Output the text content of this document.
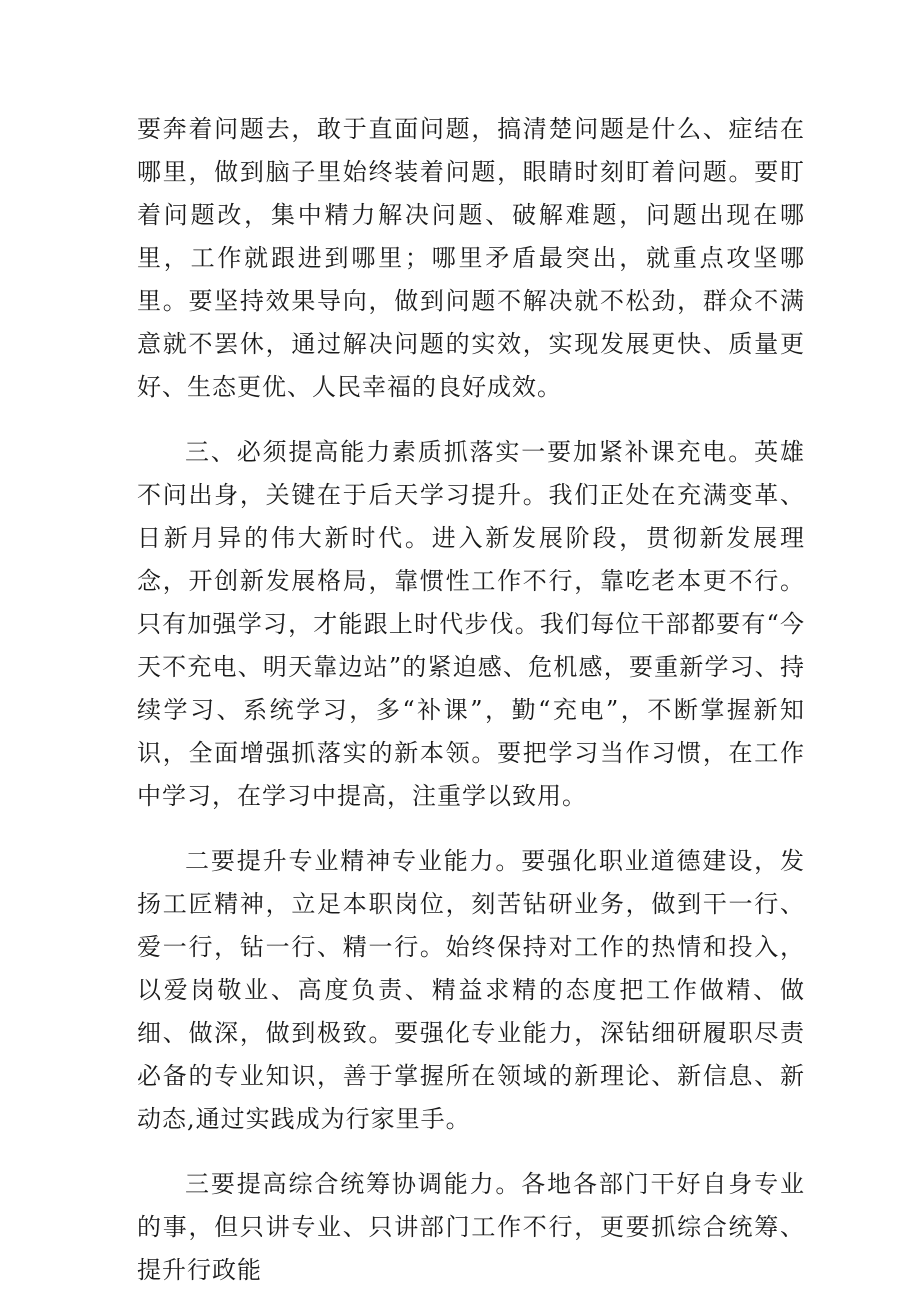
要奔着问题去，敢于直面问题，搞清楚问题是什么、症结在哪里，做到脑子里始终装着问题，眼睛时刻盯着问题。要盯着问题改，集中精力解决问题、破解难题，问题出现在哪里，工作就跟进到哪里；哪里矛盾最突出，就重点攻坚哪里。要坚持效果导向，做到问题不解决就不松劲，群众不满意就不罢休，通过解决问题的实效，实现发展更快、质量更好、生态更优、人民幸福的良好成效。

三、必须提高能力素质抓落实一要加紧补课充电。英雄不问出身，关键在于后天学习提升。我们正处在充满变革、日新月异的伟大新时代。进入新发展阶段，贯彻新发展理念，开创新发展格局，靠惯性工作不行，靠吃老本更不行。只有加强学习，才能跟上时代步伐。我们每位干部都要有“今天不充电、明天靠边站”的紧迫感、危机感，要重新学习、持续学习、系统学习，多“补课”，勤“充电”，不断掌握新知识，全面增强抓落实的新本领。要把学习当作习惯，在工作中学习，在学习中提高，注重学以致用。

二要提升专业精神专业能力。要强化职业道德建设，发扬工匠精神，立足本职岗位，刻苦钻研业务，做到干一行、爱一行，钻一行、精一行。始终保持对工作的热情和投入，以爱岗敬业、高度负责、精益求精的态度把工作做精、做细、做深，做到极致。要强化专业能力，深钻细研履职尽责必备的专业知识，善于掌握所在领域的新理论、新信息、新动态,通过实践成为行家里手。

三要提高综合统筹协调能力。各地各部门干好自身专业的事，但只讲专业、只讲部门工作不行，更要抓综合统筹、提升行政能
